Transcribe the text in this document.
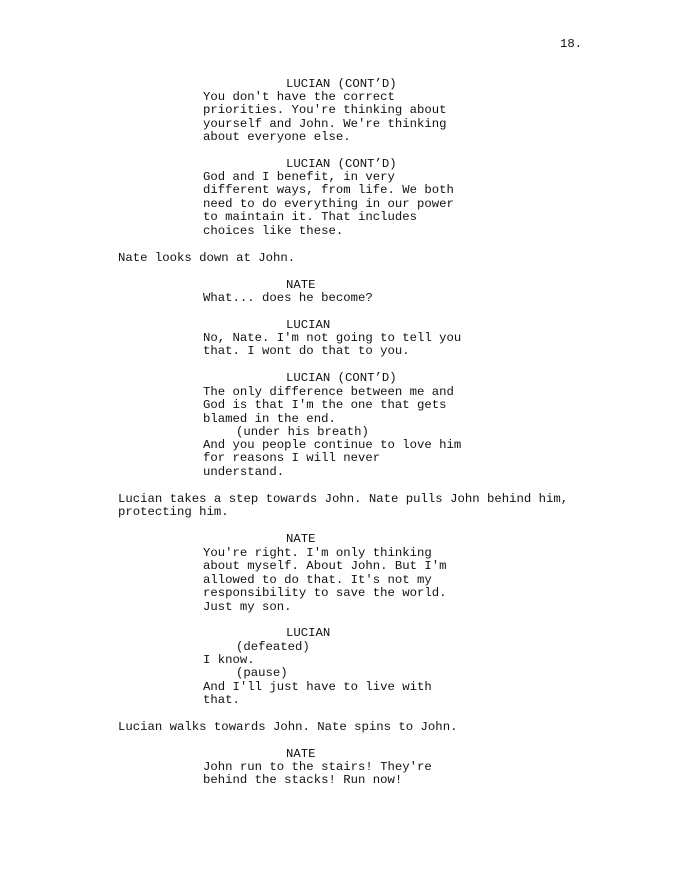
18.

LUCIAN (CONT’D)

You don't have the correct
priorities. You're thinking about
yourself and John. We're thinking
about everyone else.

LUCIAN (CONT’D)

God and I benefit, in very
different ways, from life. We both
need to do everything in our power
to maintain it. That includes
choices like these.

Nate looks down at John.

NATE

What... does he become?

LUCIAN

No, Nate. I'm not going to tell you
that. I wont do that to you.

LUCIAN (CONT’D)

The only difference between me and
God is that I'm the one that gets
blamed in the end.

(under his breath)

And you people continue to love him
for reasons I will never
understand.

Lucian takes a step towards John. Nate pulls John behind him,
protecting him.

NATE

You're right. I'm only thinking
about myself. About John. But I'm
allowed to do that. It's not my
responsibility to save the world.
Just my son.

LUCIAN

(defeated)

I know.

(pause)

And I'll just have to live with
that.

Lucian walks towards John. Nate spins to John.

NATE

John run to the stairs! They're
behind the stacks! Run now!
